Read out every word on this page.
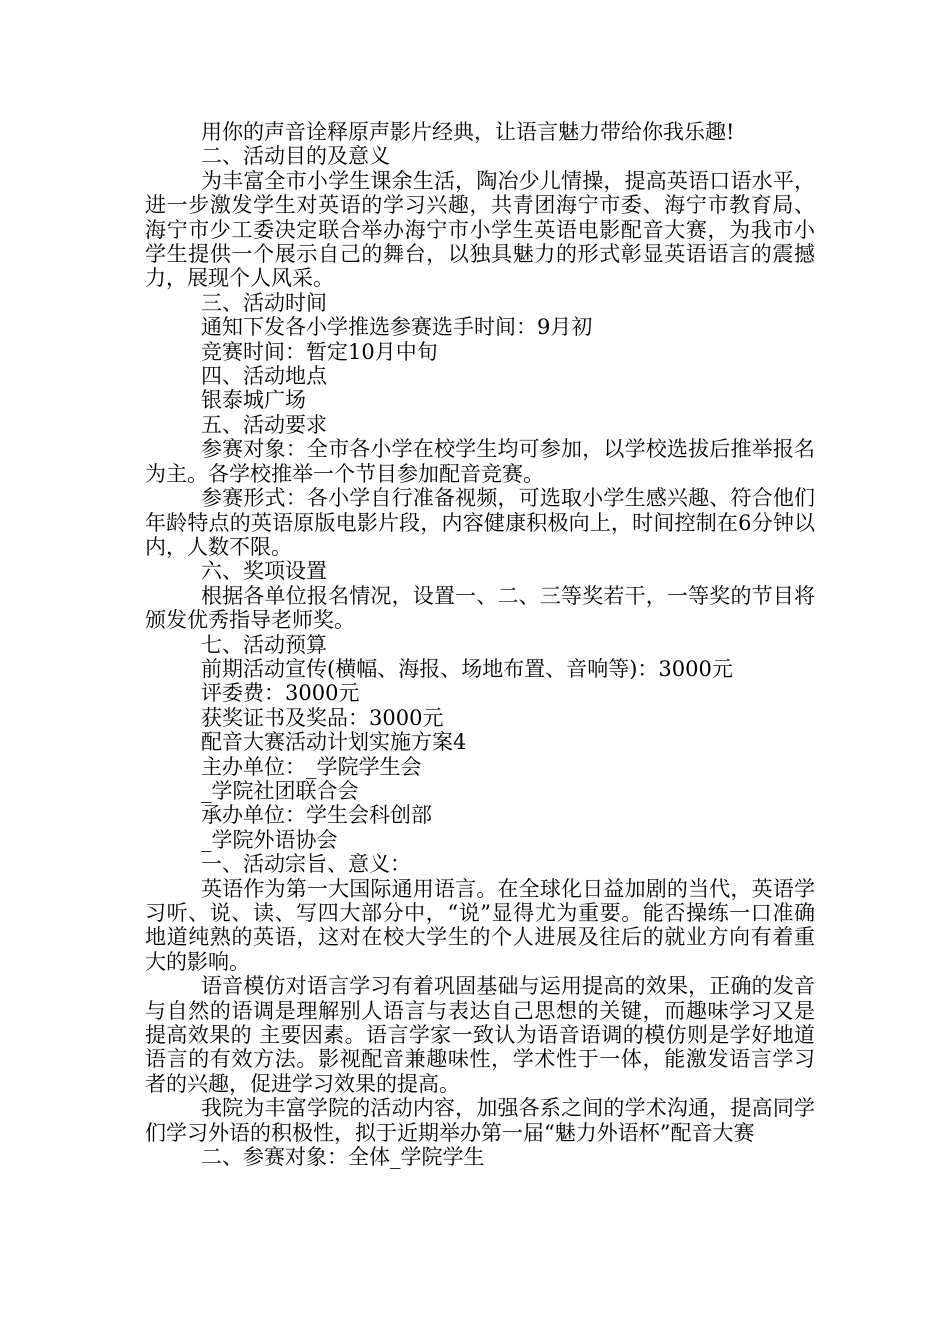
用你的声音诠释原声影片经典，让语言魅力带给你我乐趣!

二、活动目的及意义

为丰富全市小学生课余生活，陶冶少儿情操，提高英语口语水平，进一步激发学生对英语的学习兴趣，共青团海宁市委、海宁市教育局、海宁市少工委决定联合举办海宁市小学生英语电影配音大赛，为我市小学生提供一个展示自己的舞台，以独具魅力的形式彰显英语语言的震撼力，展现个人风采。

三、活动时间

通知下发各小学推选参赛选手时间：9月初

竞赛时间：暂定10月中旬

四、活动地点

银泰城广场

五、活动要求

参赛对象：全市各小学在校学生均可参加，以学校选拔后推举报名为主。各学校推举一个节目参加配音竞赛。

参赛形式：各小学自行准备视频，可选取小学生感兴趣、符合他们年龄特点的英语原版电影片段，内容健康积极向上，时间控制在6分钟以内，人数不限。

六、奖项设置

根据各单位报名情况，设置一、二、三等奖若干，一等奖的节目将颁发优秀指导老师奖。

七、活动预算

前期活动宣传(横幅、海报、场地布置、音响等)：3000元

评委费：3000元

获奖证书及奖品：3000元

配音大赛活动计划实施方案4

主办单位：_学院学生会

_学院社团联合会

承办单位：学生会科创部

_学院外语协会

一、活动宗旨、意义：

英语作为第一大国际通用语言。在全球化日益加剧的当代，英语学习听、说、读、写四大部分中，“说”显得尤为重要。能否操练一口准确地道纯熟的英语，这对在校大学生的个人进展及往后的就业方向有着重大的影响。

语音模仿对语言学习有着巩固基础与运用提高的效果，正确的发音与自然的语调是理解别人语言与表达自己思想的关键，而趣味学习又是提高效果的 主要因素。语言学家一致认为语音语调的模仿则是学好地道语言的有效方法。影视配音兼趣味性，学术性于一体，能激发语言学习者的兴趣，促进学习效果的提高。

我院为丰富学院的活动内容，加强各系之间的学术沟通，提高同学们学习外语的积极性，拟于近期举办第一届“魅力外语杯”配音大赛

二、参赛对象：全体_学院学生
